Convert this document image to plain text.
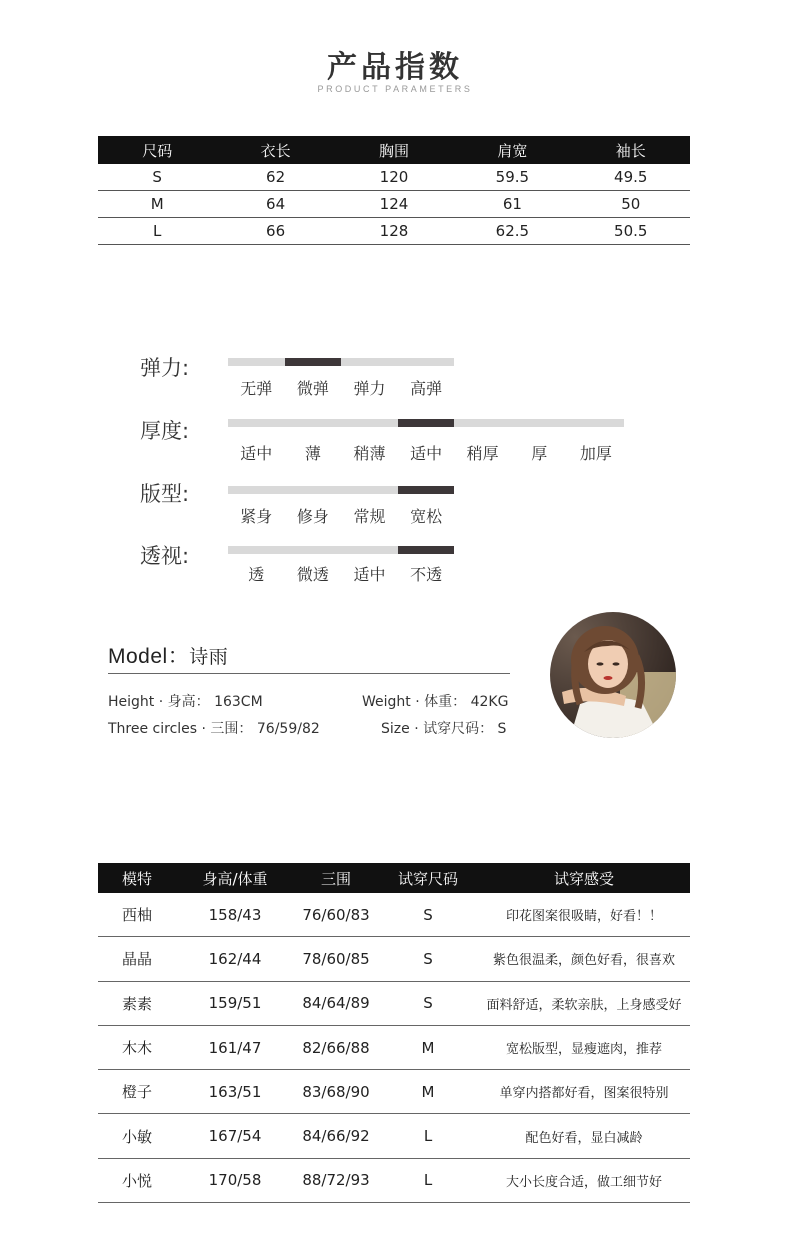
产品指数
PRODUCT PARAMETERS
尺码	衣长	胸围	肩宽	袖长
S	62	120	59.5	49.5
M	64	124	61	50
L	66	128	62.5	50.5
弹力:
无弹	微弹	弹力	高弹
厚度:
适中	薄	稍薄	适中	稍厚	厚	加厚
版型:
紧身	修身	常规	宽松
透视:
透	微透	适中	不透
Model：诗雨
Height · 身高： 163CM	Weight · 体重： 42KG
Three circles · 三围： 76/59/82	Size · 试穿尺码： S
模特	身高/体重	三围	试穿尺码	试穿感受
西柚	158/43	76/60/83	S	印花图案很吸睛，好看！！
晶晶	162/44	78/60/85	S	紫色很温柔，颜色好看，很喜欢
素素	159/51	84/64/89	S	面料舒适，柔软亲肤，上身感受好
木木	161/47	82/66/88	M	宽松版型，显瘦遮肉，推荐
橙子	163/51	83/68/90	M	单穿内搭都好看，图案很特别
小敏	167/54	84/66/92	L	配色好看，显白减龄
小悦	170/58	88/72/93	L	大小长度合适，做工细节好
